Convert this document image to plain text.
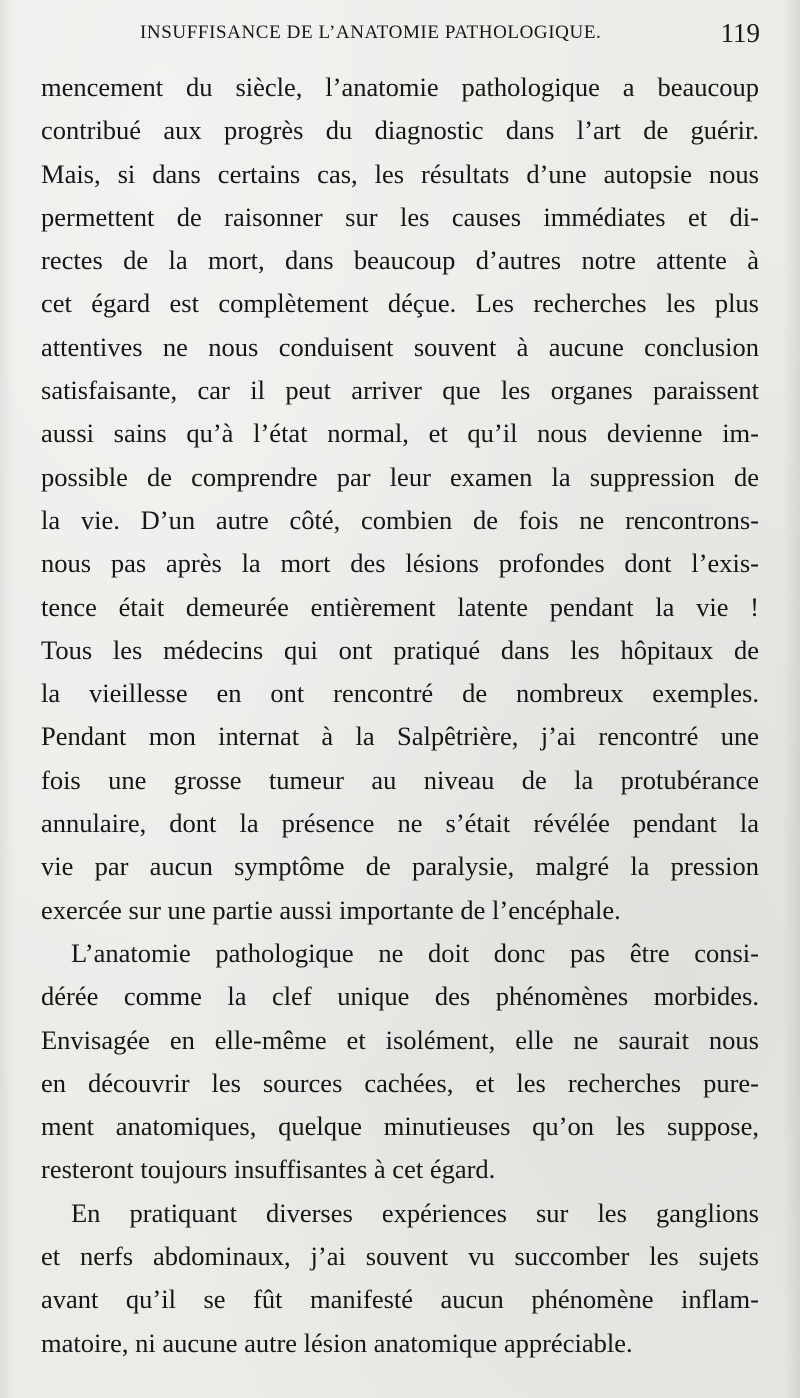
INSUFFISANCE DE L’ANATOMIE PATHOLOGIQUE.	119
mencement du siècle, l’anatomie pathologique a beaucoup
contribué aux progrès du diagnostic dans l’art de guérir.
Mais, si dans certains cas, les résultats d’une autopsie nous
permettent de raisonner sur les causes immédiates et di-
rectes de la mort, dans beaucoup d’autres notre attente à
cet égard est complètement déçue. Les recherches les plus
attentives ne nous conduisent souvent à aucune conclusion
satisfaisante, car il peut arriver que les organes paraissent
aussi sains qu’à l’état normal, et qu’il nous devienne im-
possible de comprendre par leur examen la suppression de
la vie. D’un autre côté, combien de fois ne rencontrons-
nous pas après la mort des lésions profondes dont l’exis-
tence était demeurée entièrement latente pendant la vie !
Tous les médecins qui ont pratiqué dans les hôpitaux de
la vieillesse en ont rencontré de nombreux exemples.
Pendant mon internat à la Salpêtrière, j’ai rencontré une
fois une grosse tumeur au niveau de la protubérance
annulaire, dont la présence ne s’était révélée pendant la
vie par aucun symptôme de paralysie, malgré la pression
exercée sur une partie aussi importante de l’encéphale.
L’anatomie pathologique ne doit donc pas être consi-
dérée comme la clef unique des phénomènes morbides.
Envisagée en elle-même et isolément, elle ne saurait nous
en découvrir les sources cachées, et les recherches pure-
ment anatomiques, quelque minutieuses qu’on les suppose,
resteront toujours insuffisantes à cet égard.
En pratiquant diverses expériences sur les ganglions
et nerfs abdominaux, j’ai souvent vu succomber les sujets
avant qu’il se fût manifesté aucun phénomène inflam-
matoire, ni aucune autre lésion anatomique appréciable.
